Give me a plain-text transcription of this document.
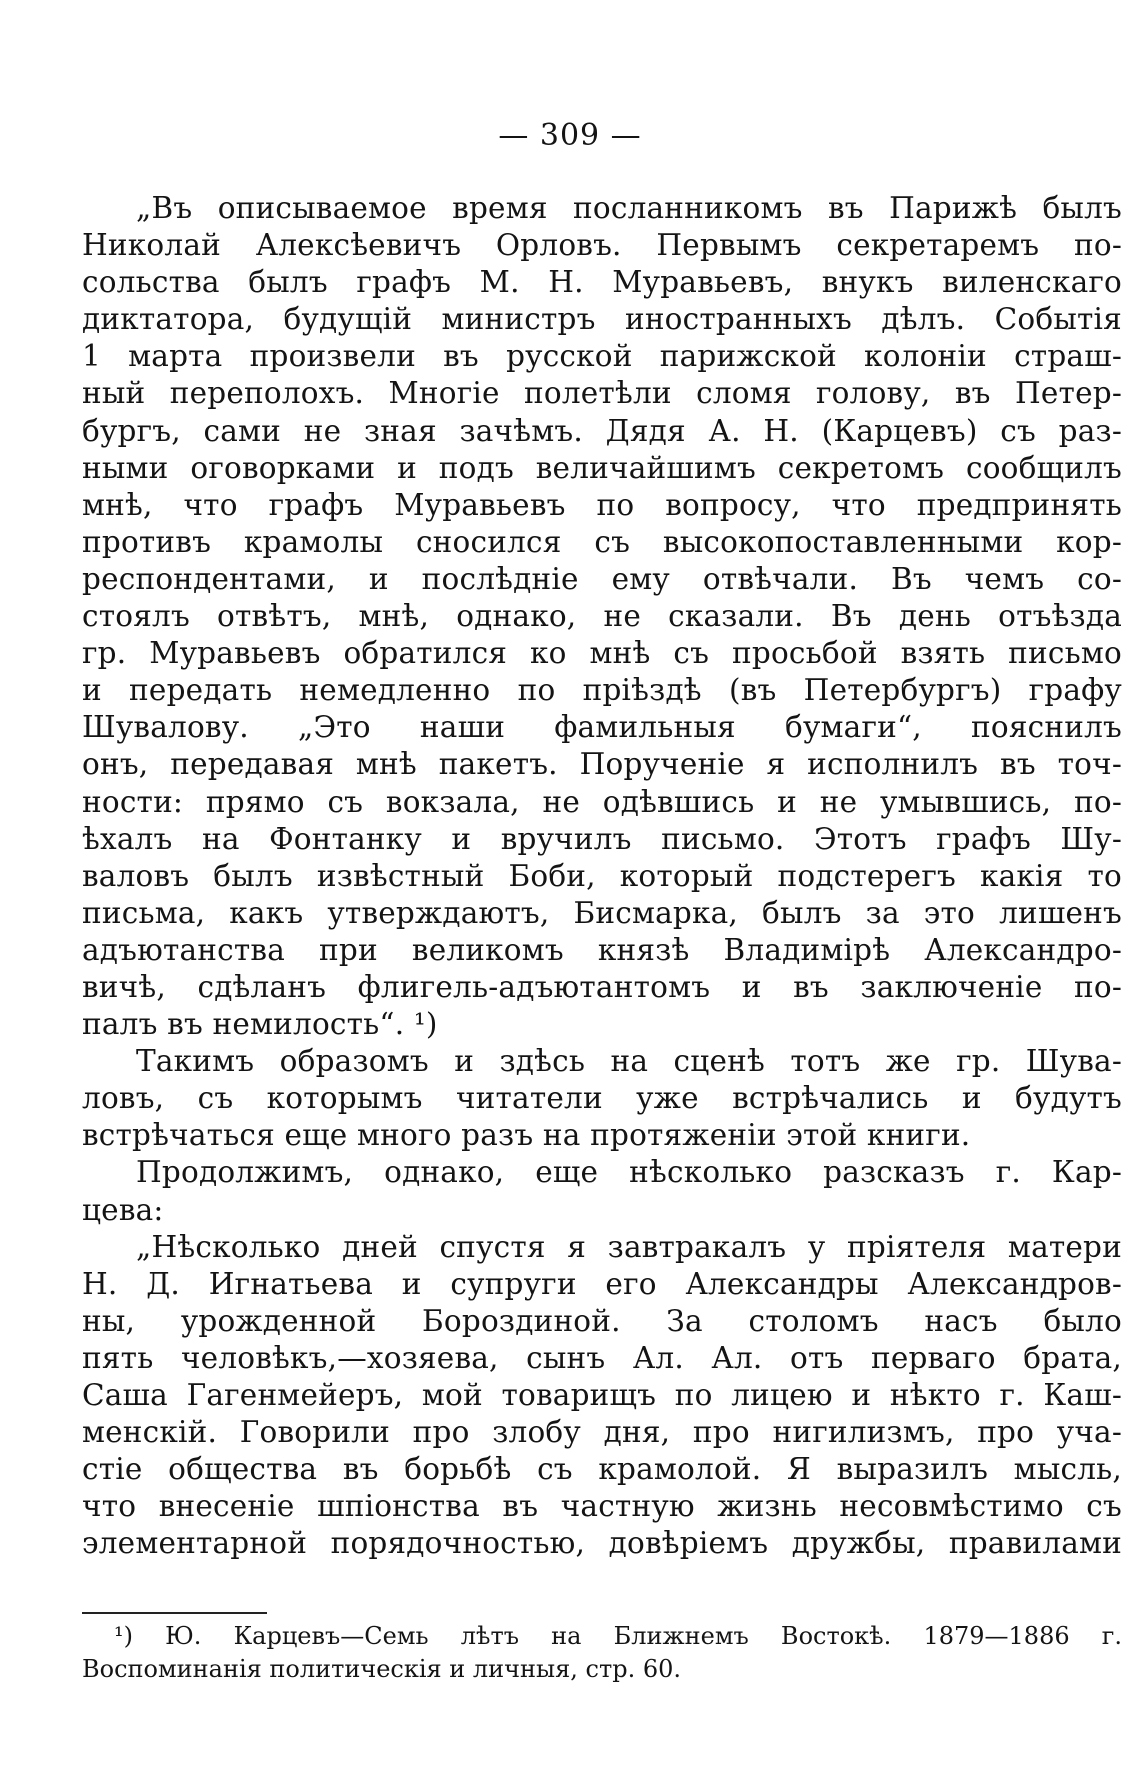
— 309 —
„Въ описываемое время посланникомъ въ Парижѣ былъ
Николай Алексѣевичъ Орловъ. Первымъ секретаремъ по-
сольства былъ графъ М. Н. Муравьевъ, внукъ виленскаго
диктатора, будущій министръ иностранныхъ дѣлъ. Событія
1 марта произвели въ русской парижской колоніи страш-
ный переполохъ. Многіе полетѣли сломя голову, въ Петер-
бургъ, сами не зная зачѣмъ. Дядя А. Н. (Карцевъ) съ раз-
ными оговорками и подъ величайшимъ секретомъ сообщилъ
мнѣ, что графъ Муравьевъ по вопросу, что предпринять
противъ крамолы сносился съ высокопоставленными кор-
респондентами, и послѣдніе ему отвѣчали. Въ чемъ со-
стоялъ отвѣтъ, мнѣ, однако, не сказали. Въ день отъѣзда
гр. Муравьевъ обратился ко мнѣ съ просьбой взять письмо
и передать немедленно по пріѣздѣ (въ Петербургъ) графу
Шувалову. „Это наши фамильныя бумаги“, пояснилъ
онъ, передавая мнѣ пакетъ. Порученіе я исполнилъ въ точ-
ности: прямо съ вокзала, не одѣвшись и не умывшись, по-
ѣхалъ на Фонтанку и вручилъ письмо. Этотъ графъ Шу-
валовъ былъ извѣстный Боби, который подстерегъ какія то
письма, какъ утверждаютъ, Бисмарка, былъ за это лишенъ
адъютанства при великомъ князѣ Владимірѣ Александро-
вичѣ, сдѣланъ флигель-адъютантомъ и въ заключеніе по-
палъ въ немилость“. ¹)
Такимъ образомъ и здѣсь на сценѣ тотъ же гр. Шува-
ловъ, съ которымъ читатели уже встрѣчались и будутъ
встрѣчаться еще много разъ на протяженіи этой книги.
Продолжимъ, однако, еще нѣсколько разсказъ г. Кар-
цева:
„Нѣсколько дней спустя я завтракалъ у пріятеля матери
Н. Д. Игнатьева и супруги его Александры Александров-
ны, урожденной Бороздиной. За столомъ насъ было
пять человѣкъ,—хозяева, сынъ Ал. Ал. отъ перваго брата,
Саша Гагенмейеръ, мой товарищъ по лицею и нѣкто г. Каш-
менскій. Говорили про злобу дня, про нигилизмъ, про уча-
стіе общества въ борьбѣ съ крамолой. Я выразилъ мысль,
что внесеніе шпіонства въ частную жизнь несовмѣстимо съ
элементарной порядочностью, довѣріемъ дружбы, правилами
¹) Ю. Карцевъ—Семь лѣтъ на Ближнемъ Востокѣ. 1879—1886 г.
Воспоминанія политическія и личныя, стр. 60.
